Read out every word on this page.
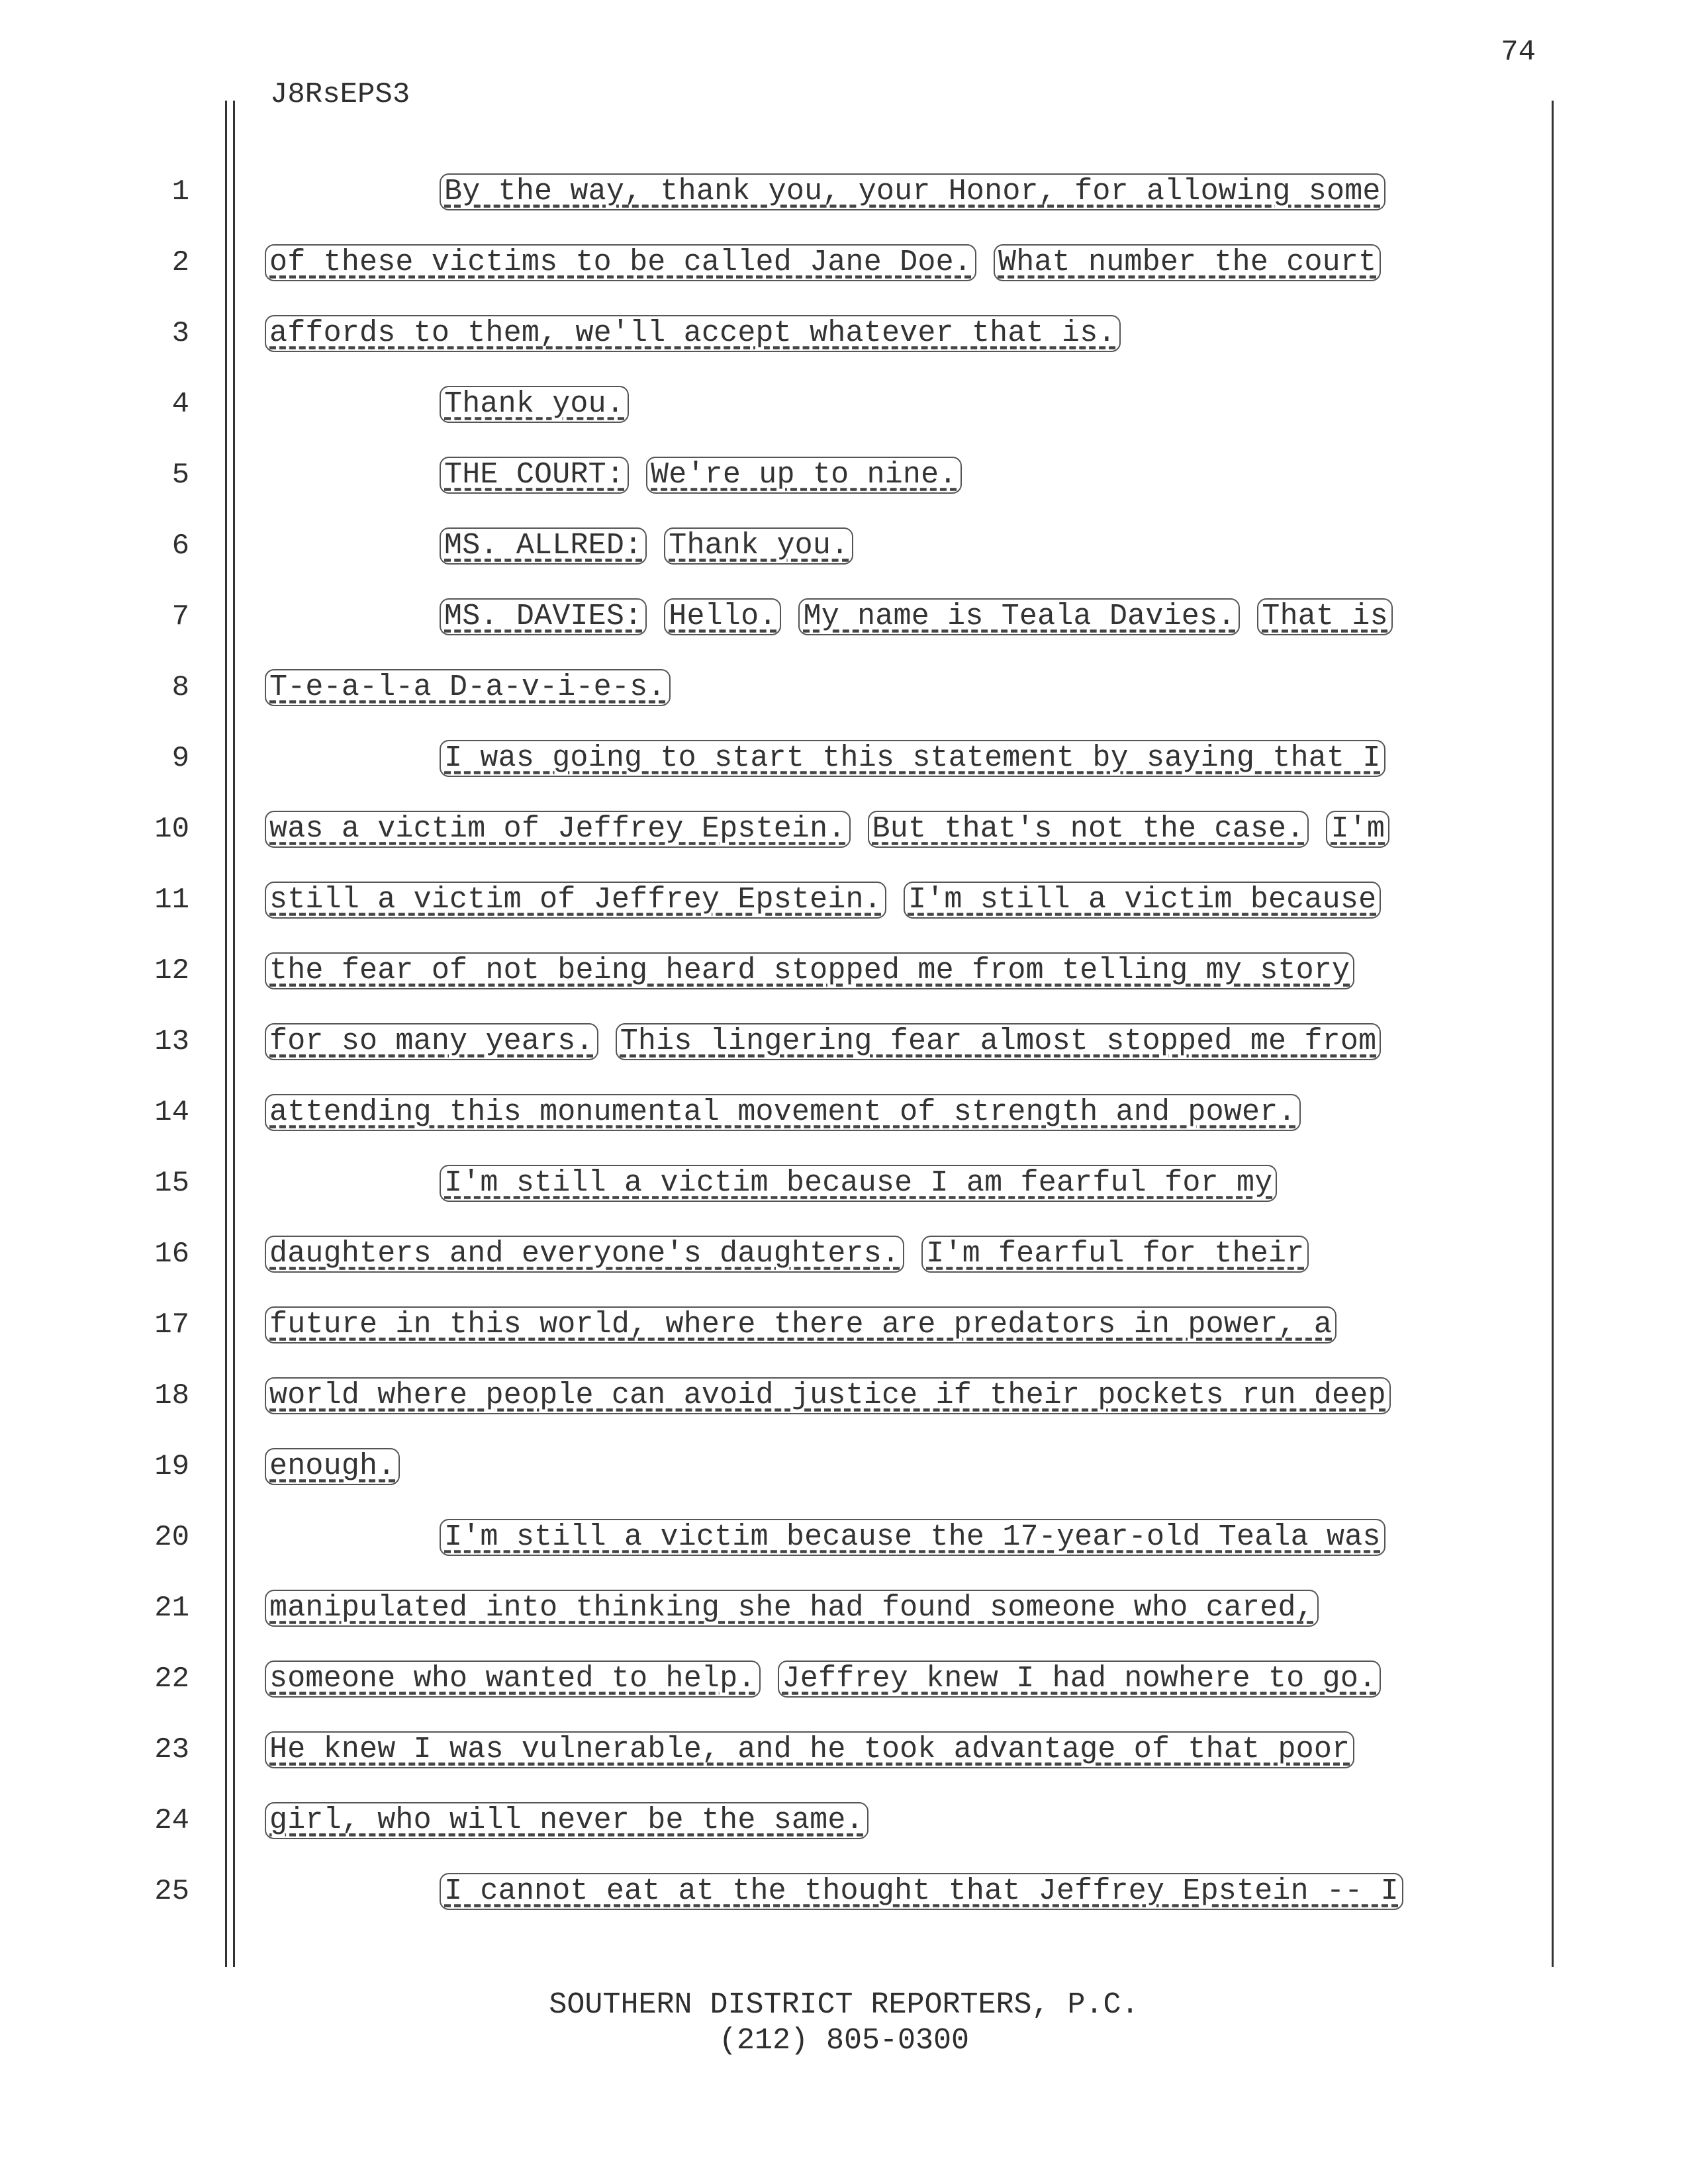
74
J8RsEPS3
1	By the way, thank you, your Honor, for allowing some
2	of these victims to be called Jane Doe. What number the court
3	affords to them, we'll accept whatever that is.
4	Thank you.
5	THE COURT: We're up to nine.
6	MS. ALLRED: Thank you.
7	MS. DAVIES: Hello. My name is Teala Davies. That is
8	T-e-a-l-a D-a-v-i-e-s.
9	I was going to start this statement by saying that I
10	was a victim of Jeffrey Epstein. But that's not the case. I'm
11	still a victim of Jeffrey Epstein. I'm still a victim because
12	the fear of not being heard stopped me from telling my story
13	for so many years. This lingering fear almost stopped me from
14	attending this monumental movement of strength and power.
15	I'm still a victim because I am fearful for my
16	daughters and everyone's daughters. I'm fearful for their
17	future in this world, where there are predators in power, a
18	world where people can avoid justice if their pockets run deep
19	enough.
20	I'm still a victim because the 17-year-old Teala was
21	manipulated into thinking she had found someone who cared,
22	someone who wanted to help. Jeffrey knew I had nowhere to go.
23	He knew I was vulnerable, and he took advantage of that poor
24	girl, who will never be the same.
25	I cannot eat at the thought that Jeffrey Epstein -- I
SOUTHERN DISTRICT REPORTERS, P.C.
(212) 805-0300
